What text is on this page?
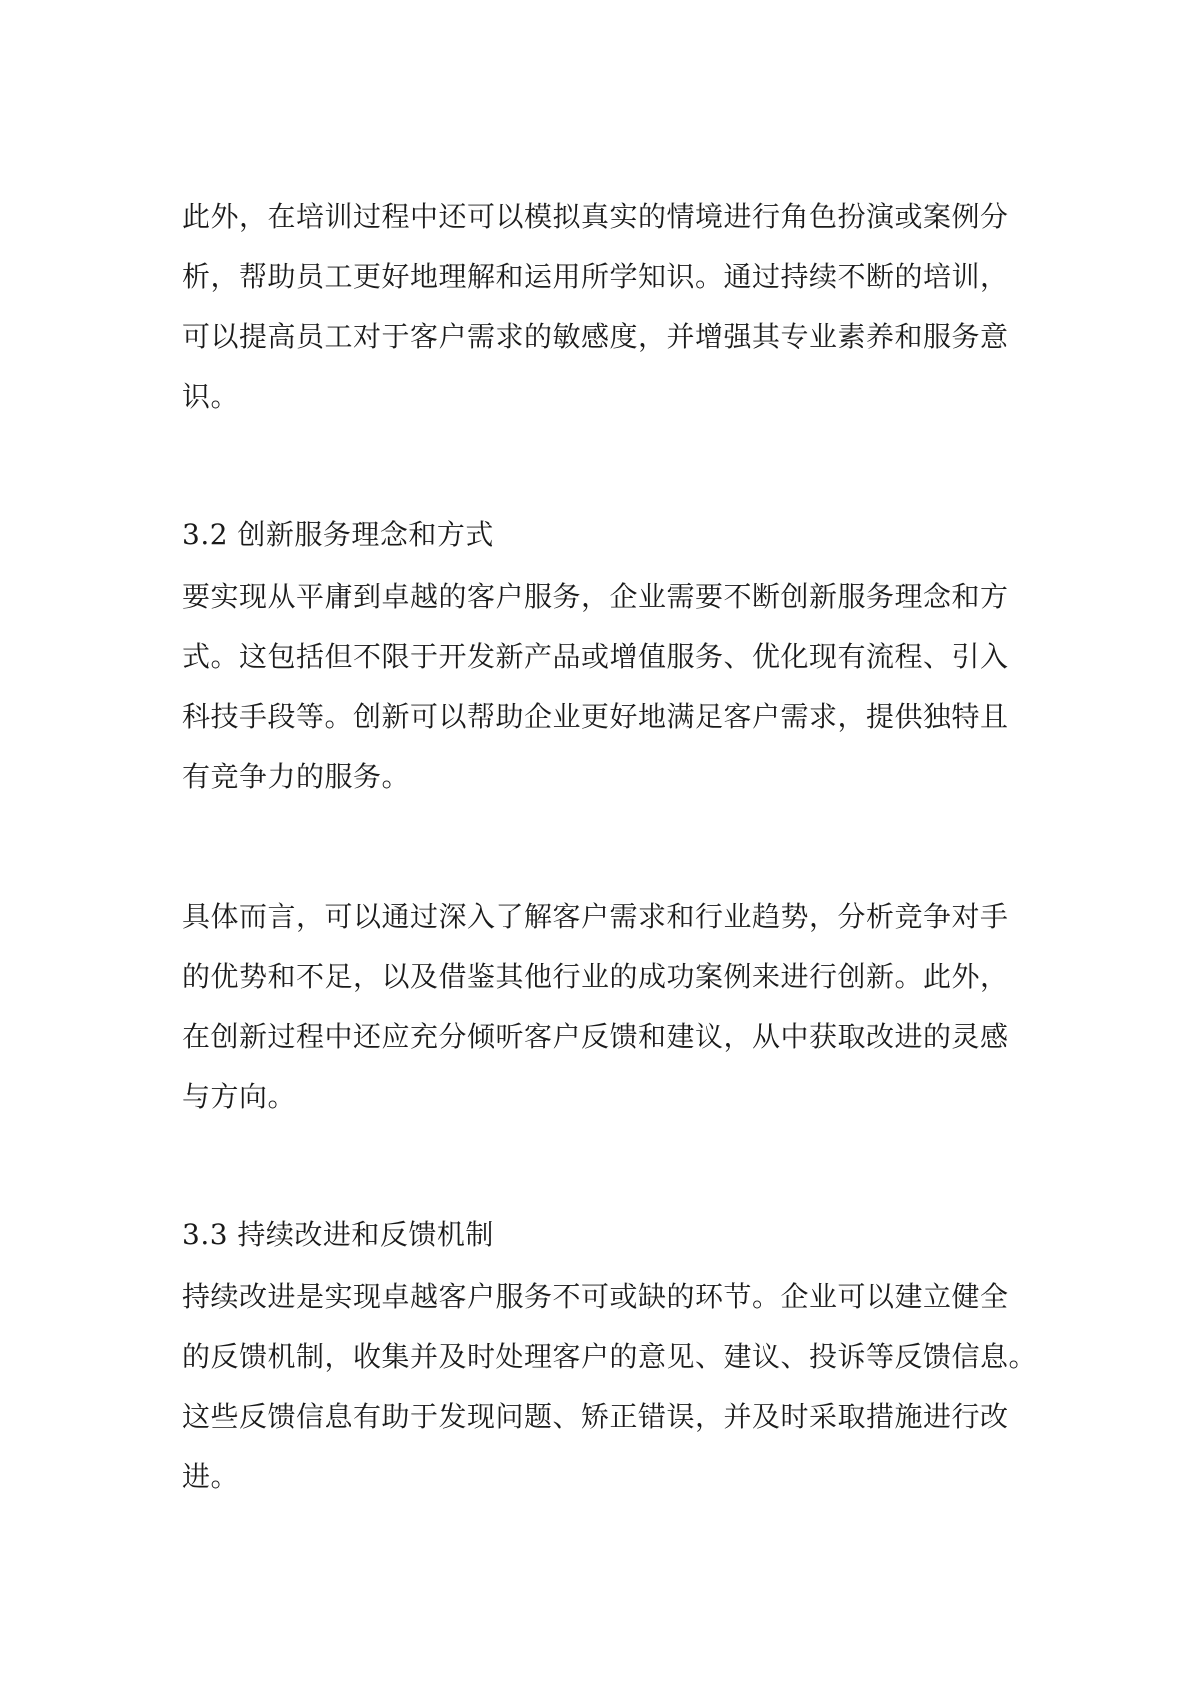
此外，在培训过程中还可以模拟真实的情境进行角色扮演或案例分
析，帮助员工更好地理解和运用所学知识。通过持续不断的培训，
可以提高员工对于客户需求的敏感度，并增强其专业素养和服务意
识。
3.2 创新服务理念和方式
要实现从平庸到卓越的客户服务，企业需要不断创新服务理念和方
式。这包括但不限于开发新产品或增值服务、优化现有流程、引入
科技手段等。创新可以帮助企业更好地满足客户需求，提供独特且
有竞争力的服务。
具体而言，可以通过深入了解客户需求和行业趋势，分析竞争对手
的优势和不足，以及借鉴其他行业的成功案例来进行创新。此外，
在创新过程中还应充分倾听客户反馈和建议，从中获取改进的灵感
与方向。
3.3 持续改进和反馈机制
持续改进是实现卓越客户服务不可或缺的环节。企业可以建立健全
的反馈机制，收集并及时处理客户的意见、建议、投诉等反馈信息。
这些反馈信息有助于发现问题、矫正错误，并及时采取措施进行改
进。
